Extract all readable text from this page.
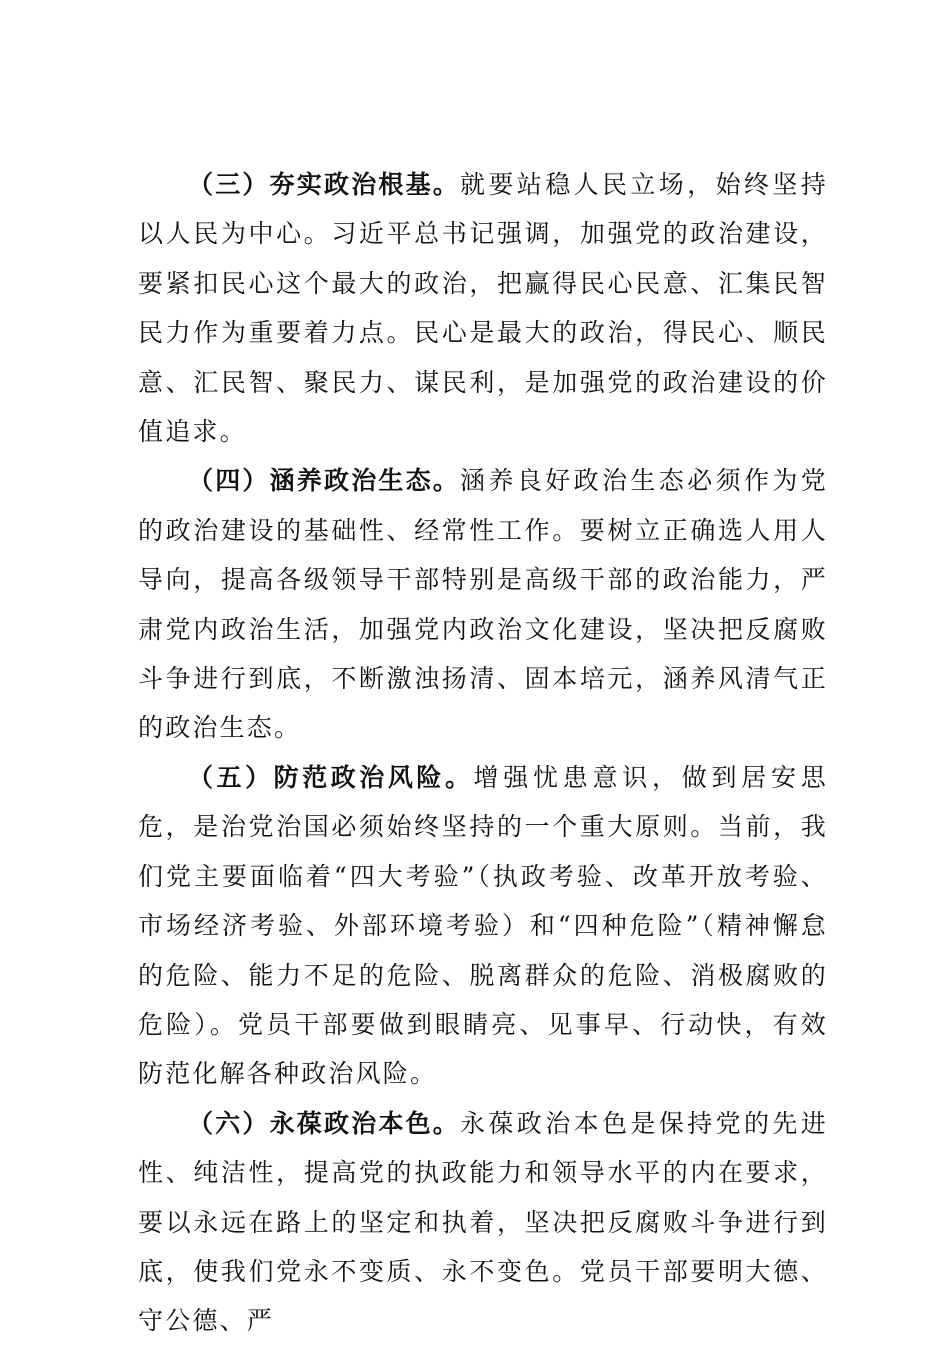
（三）夯实政治根基。就要站稳人民立场，始终坚持以人民为中心。习近平总书记强调，加强党的政治建设，要紧扣民心这个最大的政治，把赢得民心民意、汇集民智民力作为重要着力点。民心是最大的政治，得民心、顺民意、汇民智、聚民力、谋民利，是加强党的政治建设的价值追求。

（四）涵养政治生态。涵养良好政治生态必须作为党的政治建设的基础性、经常性工作。要树立正确选人用人导向，提高各级领导干部特别是高级干部的政治能力，严肃党内政治生活，加强党内政治文化建设，坚决把反腐败斗争进行到底，不断激浊扬清、固本培元，涵养风清气正的政治生态。

（五）防范政治风险。增强忧患意识，做到居安思危，是治党治国必须始终坚持的一个重大原则。当前，我们党主要面临着“四大考验”（执政考验、改革开放考验、市场经济考验、外部环境考验）和“四种危险”（精神懈怠的危险、能力不足的危险、脱离群众的危险、消极腐败的危险）。党员干部要做到眼睛亮、见事早、行动快，有效防范化解各种政治风险。

（六）永葆政治本色。永葆政治本色是保持党的先进性、纯洁性，提高党的执政能力和领导水平的内在要求，要以永远在路上的坚定和执着，坚决把反腐败斗争进行到底，使我们党永不变质、永不变色。党员干部要明大德、守公德、严
